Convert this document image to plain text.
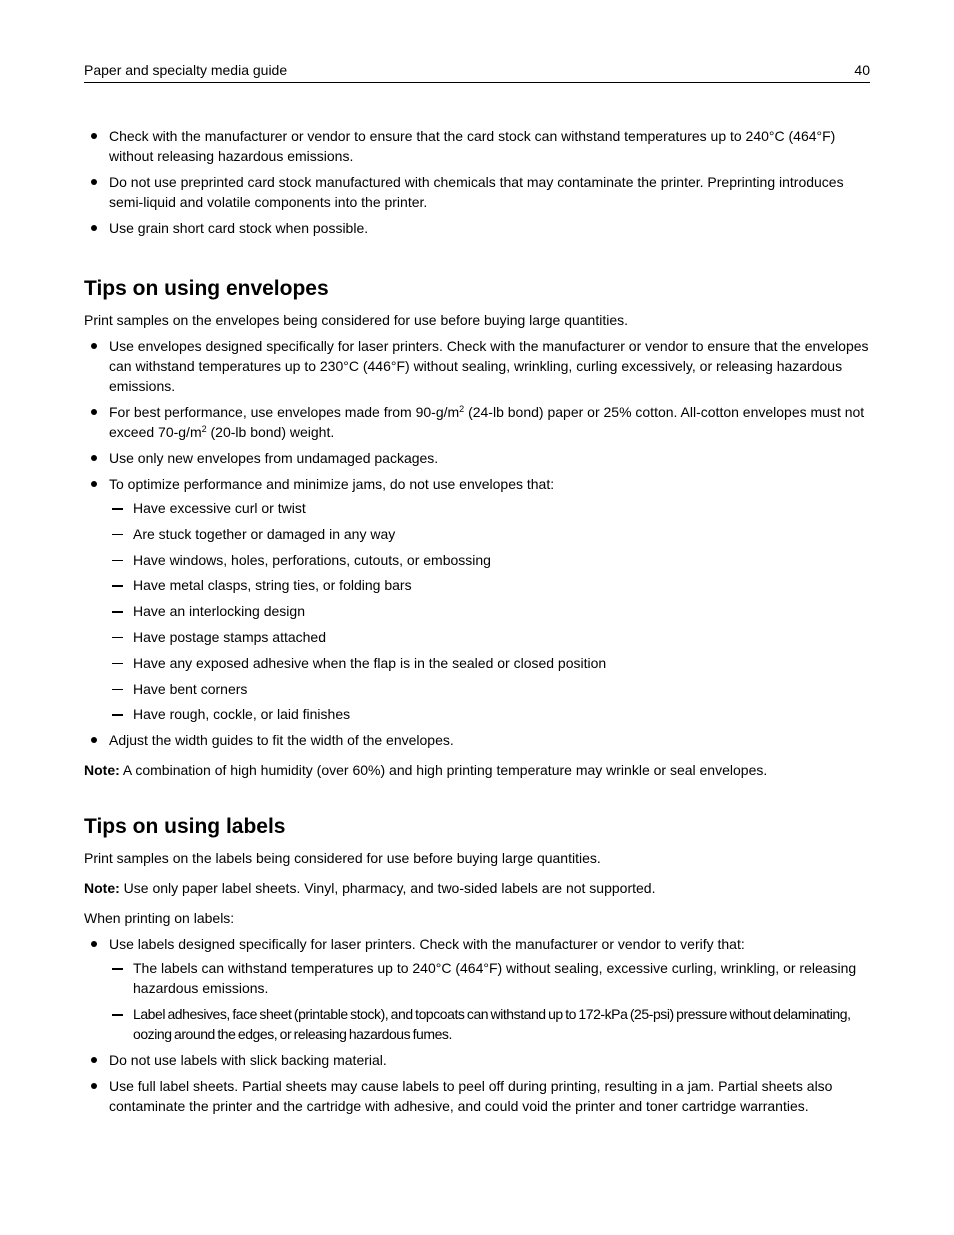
Paper and specialty media guide	40
Check with the manufacturer or vendor to ensure that the card stock can withstand temperatures up to 240°C (464°F) without releasing hazardous emissions.
Do not use preprinted card stock manufactured with chemicals that may contaminate the printer. Preprinting introduces semi‑liquid and volatile components into the printer.
Use grain short card stock when possible.
Tips on using envelopes
Print samples on the envelopes being considered for use before buying large quantities.
Use envelopes designed specifically for laser printers. Check with the manufacturer or vendor to ensure that the envelopes can withstand temperatures up to 230°C (446°F) without sealing, wrinkling, curling excessively, or releasing hazardous emissions.
For best performance, use envelopes made from $90‑g/m^2$ (24‑lb bond) paper or 25% cotton. All‑cotton envelopes must not exceed $70‑g/m^2$ (20‑lb bond) weight.
Use only new envelopes from undamaged packages.
To optimize performance and minimize jams, do not use envelopes that:
Have excessive curl or twist
Are stuck together or damaged in any way
Have windows, holes, perforations, cutouts, or embossing
Have metal clasps, string ties, or folding bars
Have an interlocking design
Have postage stamps attached
Have any exposed adhesive when the flap is in the sealed or closed position
Have bent corners
Have rough, cockle, or laid finishes
Adjust the width guides to fit the width of the envelopes.
Note: A combination of high humidity (over 60%) and high printing temperature may wrinkle or seal envelopes.
Tips on using labels
Print samples on the labels being considered for use before buying large quantities.
Note: Use only paper label sheets. Vinyl, pharmacy, and two‑sided labels are not supported.
When printing on labels:
Use labels designed specifically for laser printers. Check with the manufacturer or vendor to verify that:
The labels can withstand temperatures up to 240°C (464°F) without sealing, excessive curling, wrinkling, or releasing hazardous emissions.
Label adhesives, face sheet (printable stock), and topcoats can withstand up to 172‑kPa (25‑psi) pressure without delaminating, oozing around the edges, or releasing hazardous fumes.
Do not use labels with slick backing material.
Use full label sheets. Partial sheets may cause labels to peel off during printing, resulting in a jam. Partial sheets also contaminate the printer and the cartridge with adhesive, and could void the printer and toner cartridge warranties.
